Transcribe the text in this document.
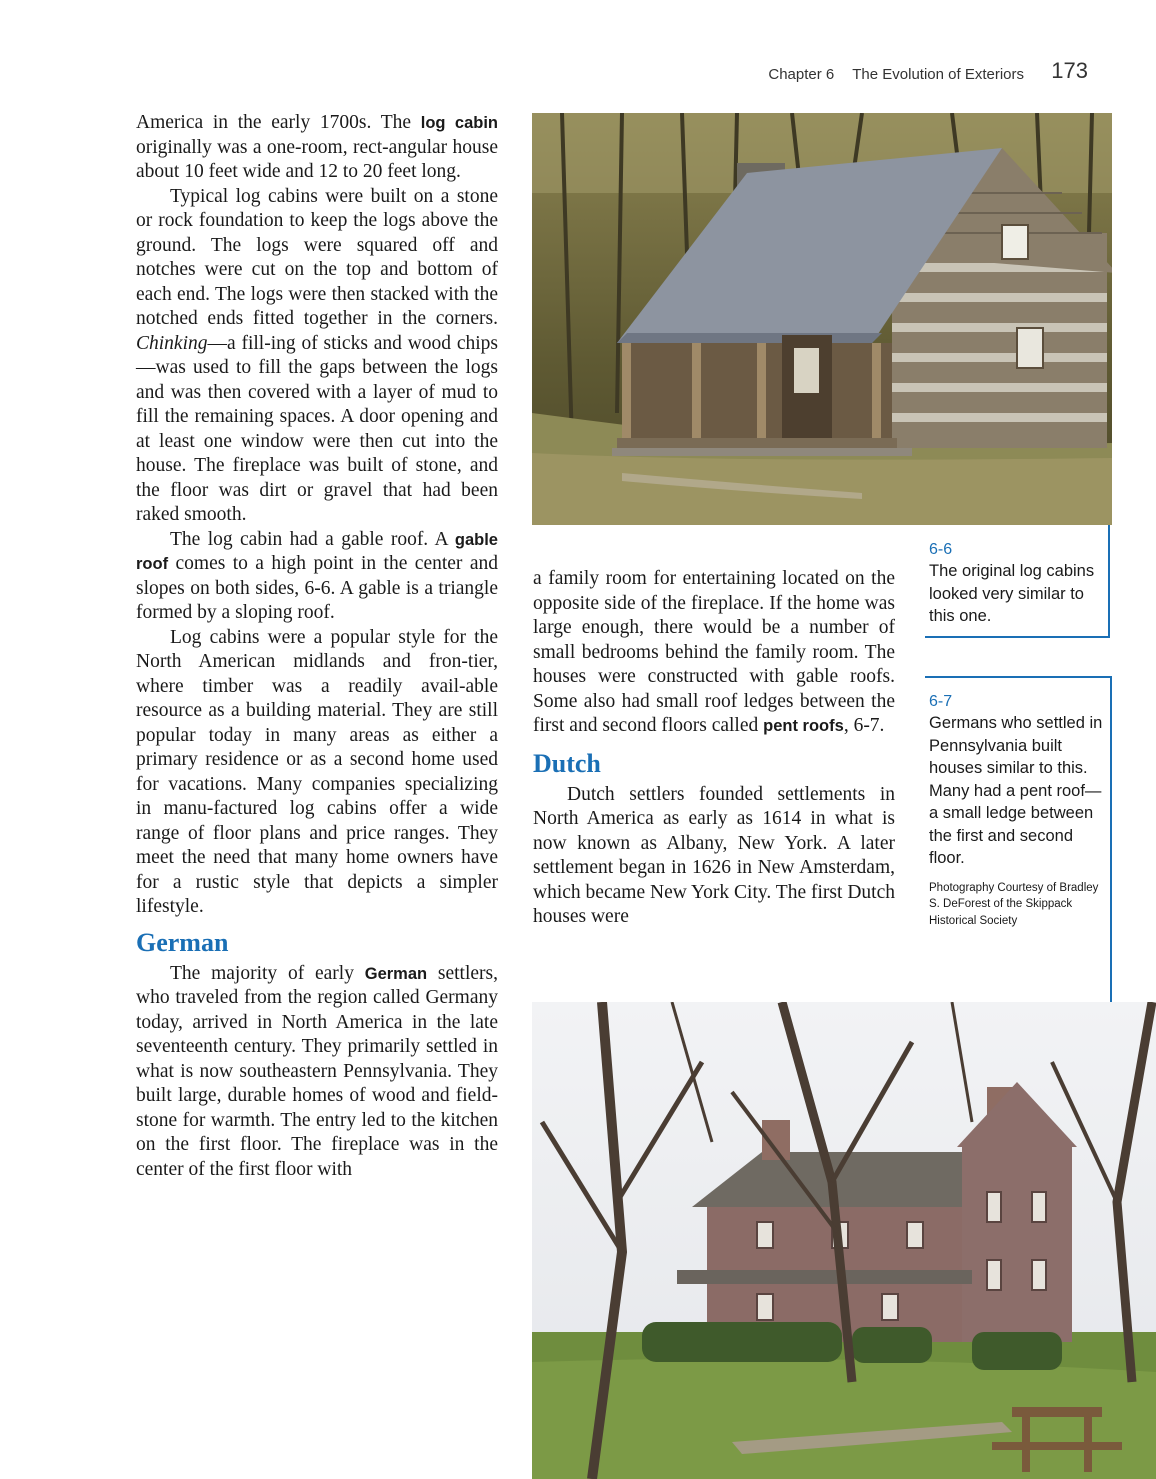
Chapter 6 The Evolution of Exteriors 173

America in the early 1700s. The log cabin originally was a one-room, rect-angular house about 10 feet wide and 12 to 20 feet long.

Typical log cabins were built on a stone or rock foundation to keep the logs above the ground. The logs were squared off and notches were cut on the top and bottom of each end. The logs were then stacked with the notched ends fitted together in the corners. Chinking—a fill-ing of sticks and wood chips—was used to fill the gaps between the logs and was then covered with a layer of mud to fill the remaining spaces. A door opening and at least one window were then cut into the house. The fireplace was built of stone, and the floor was dirt or gravel that had been raked smooth.

The log cabin had a gable roof. A gable roof comes to a high point in the center and slopes on both sides, 6-6. A gable is a triangle formed by a sloping roof.

Log cabins were a popular style for the North American midlands and fron-tier, where timber was a readily avail-able resource as a building material. They are still popular today in many areas as either a primary residence or as a second home used for vacations. Many companies specializing in manu-factured log cabins offer a wide range of floor plans and price ranges. They meet the need that many home owners have for a rustic style that depicts a simpler lifestyle.

German

The majority of early German settlers, who traveled from the region called Germany today, arrived in North America in the late seventeenth century. They primarily settled in what is now southeastern Pennsylvania. They built large, durable homes of wood and field-stone for warmth. The entry led to the kitchen on the first floor. The fireplace was in the center of the first floor with

a family room for entertaining located on the opposite side of the fireplace. If the home was large enough, there would be a number of small bedrooms behind the family room. The houses were constructed with gable roofs. Some also had small roof ledges between the first and second floors called pent roofs, 6-7.

Dutch

Dutch settlers founded settlements in North America as early as 1614 in what is now known as Albany, New York. A later settlement began in 1626 in New Amsterdam, which became New York City. The first Dutch houses were

6-6
The original log cabins looked very similar to this one.
6-7
Germans who settled in Pennsylvania built houses similar to this. Many had a pent roof—a small ledge between the first and second floor.
Photography Courtesy of Bradley S. DeForest of the Skippack Historical Society
